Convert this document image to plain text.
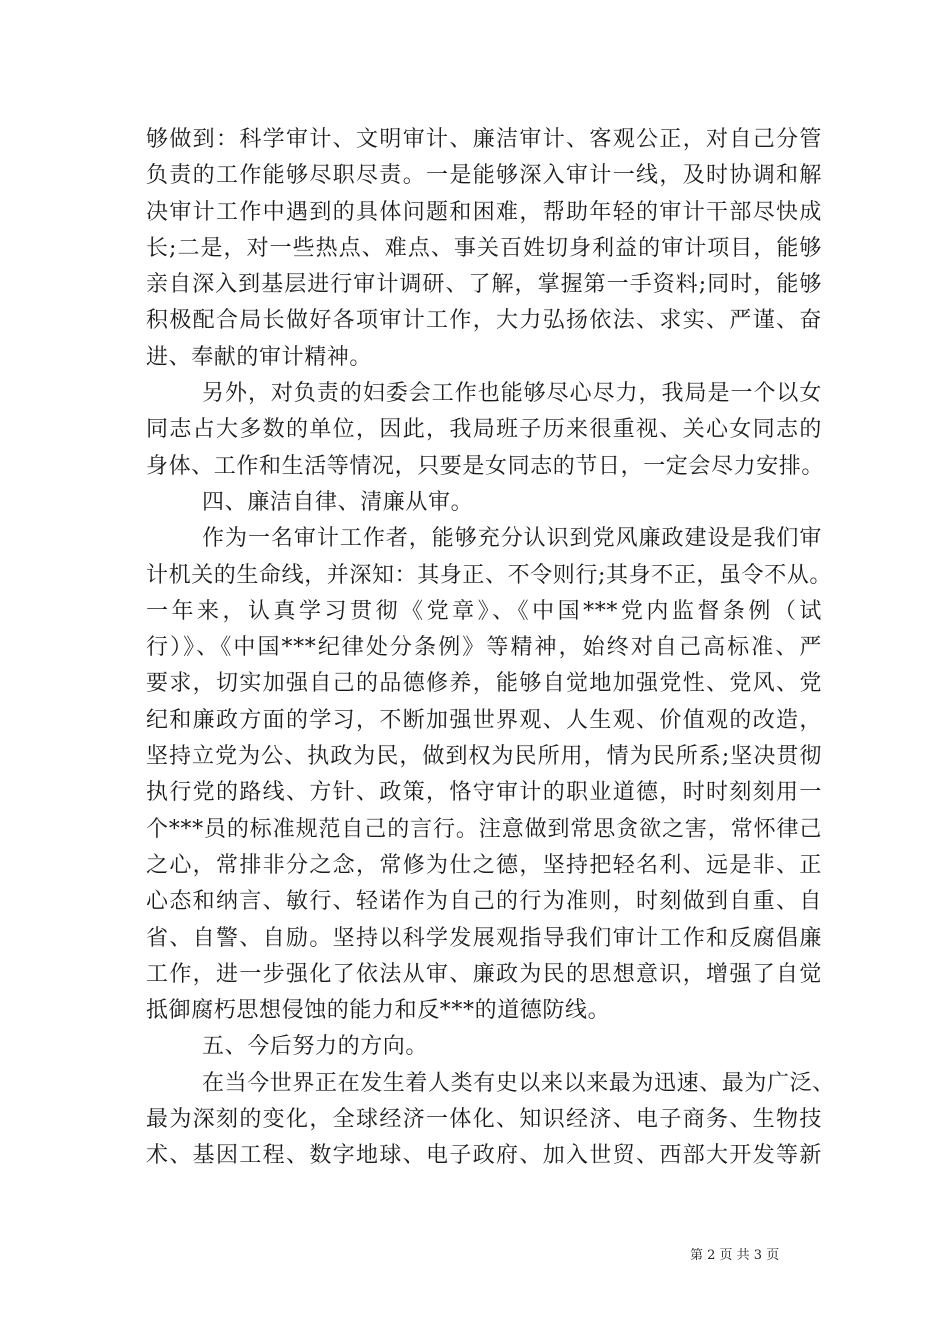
够做到：科学审计、文明审计、廉洁审计、客观公正，对自己分管
负责的工作能够尽职尽责。一是能够深入审计一线，及时协调和解
决审计工作中遇到的具体问题和困难，帮助年轻的审计干部尽快成
长;二是，对一些热点、难点、事关百姓切身利益的审计项目，能够
亲自深入到基层进行审计调研、了解，掌握第一手资料;同时，能够
积极配合局长做好各项审计工作，大力弘扬依法、求实、严谨、奋
进、奉献的审计精神。
另外，对负责的妇委会工作也能够尽心尽力，我局是一个以女
同志占大多数的单位，因此，我局班子历来很重视、关心女同志的
身体、工作和生活等情况，只要是女同志的节日，一定会尽力安排。
四、廉洁自律、清廉从审。
作为一名审计工作者，能够充分认识到党风廉政建设是我们审
计机关的生命线，并深知：其身正、不令则行;其身不正，虽令不从。
一年来，认真学习贯彻《党章》、《中国***党内监督条例（试
行）》、《中国***纪律处分条例》等精神，始终对自己高标准、严
要求，切实加强自己的品德修养，能够自觉地加强党性、党风、党
纪和廉政方面的学习，不断加强世界观、人生观、价值观的改造，
坚持立党为公、执政为民，做到权为民所用，情为民所系;坚决贯彻
执行党的路线、方针、政策，恪守审计的职业道德，时时刻刻用一
个***员的标准规范自己的言行。注意做到常思贪欲之害，常怀律己
之心，常排非分之念，常修为仕之德，坚持把轻名利、远是非、正
心态和纳言、敏行、轻诺作为自己的行为准则，时刻做到自重、自
省、自警、自励。坚持以科学发展观指导我们审计工作和反腐倡廉
工作，进一步强化了依法从审、廉政为民的思想意识，增强了自觉
抵御腐朽思想侵蚀的能力和反***的道德防线。
五、今后努力的方向。
在当今世界正在发生着人类有史以来以来最为迅速、最为广泛、
最为深刻的变化，全球经济一体化、知识经济、电子商务、生物技
术、基因工程、数字地球、电子政府、加入世贸、西部大开发等新
第 2 页 共 3 页
